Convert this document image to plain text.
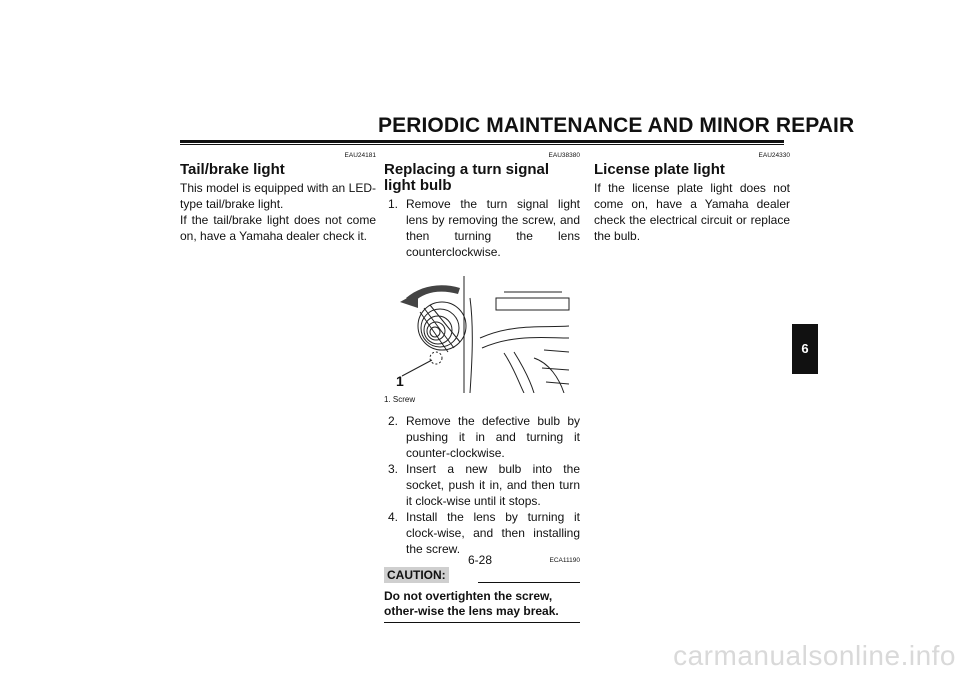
PERIODIC MAINTENANCE AND MINOR REPAIR
EAU24181
Tail/brake light

This model is equipped with an LED-type tail/brake light.

If the tail/brake light does not come on, have a Yamaha dealer check it.

EAU38380
Replacing a turn signal light bulb
1. Remove the turn signal light lens by removing the screw, and then turning the lens counterclockwise.
1
1. Screw
2. Remove the defective bulb by pushing it in and turning it counter-clockwise.
3. Insert a new bulb into the socket, push it in, and then turn it clock-wise until it stops.
4. Install the lens by turning it clock-wise, and then installing the screw.
ECA11190
CAUTION:
Do not overtighten the screw, other-wise the lens may break.
EAU24330
License plate light

If the license plate light does not come on, have a Yamaha dealer check the electrical circuit or replace the bulb.

6-28
6
carmanualsonline.info
